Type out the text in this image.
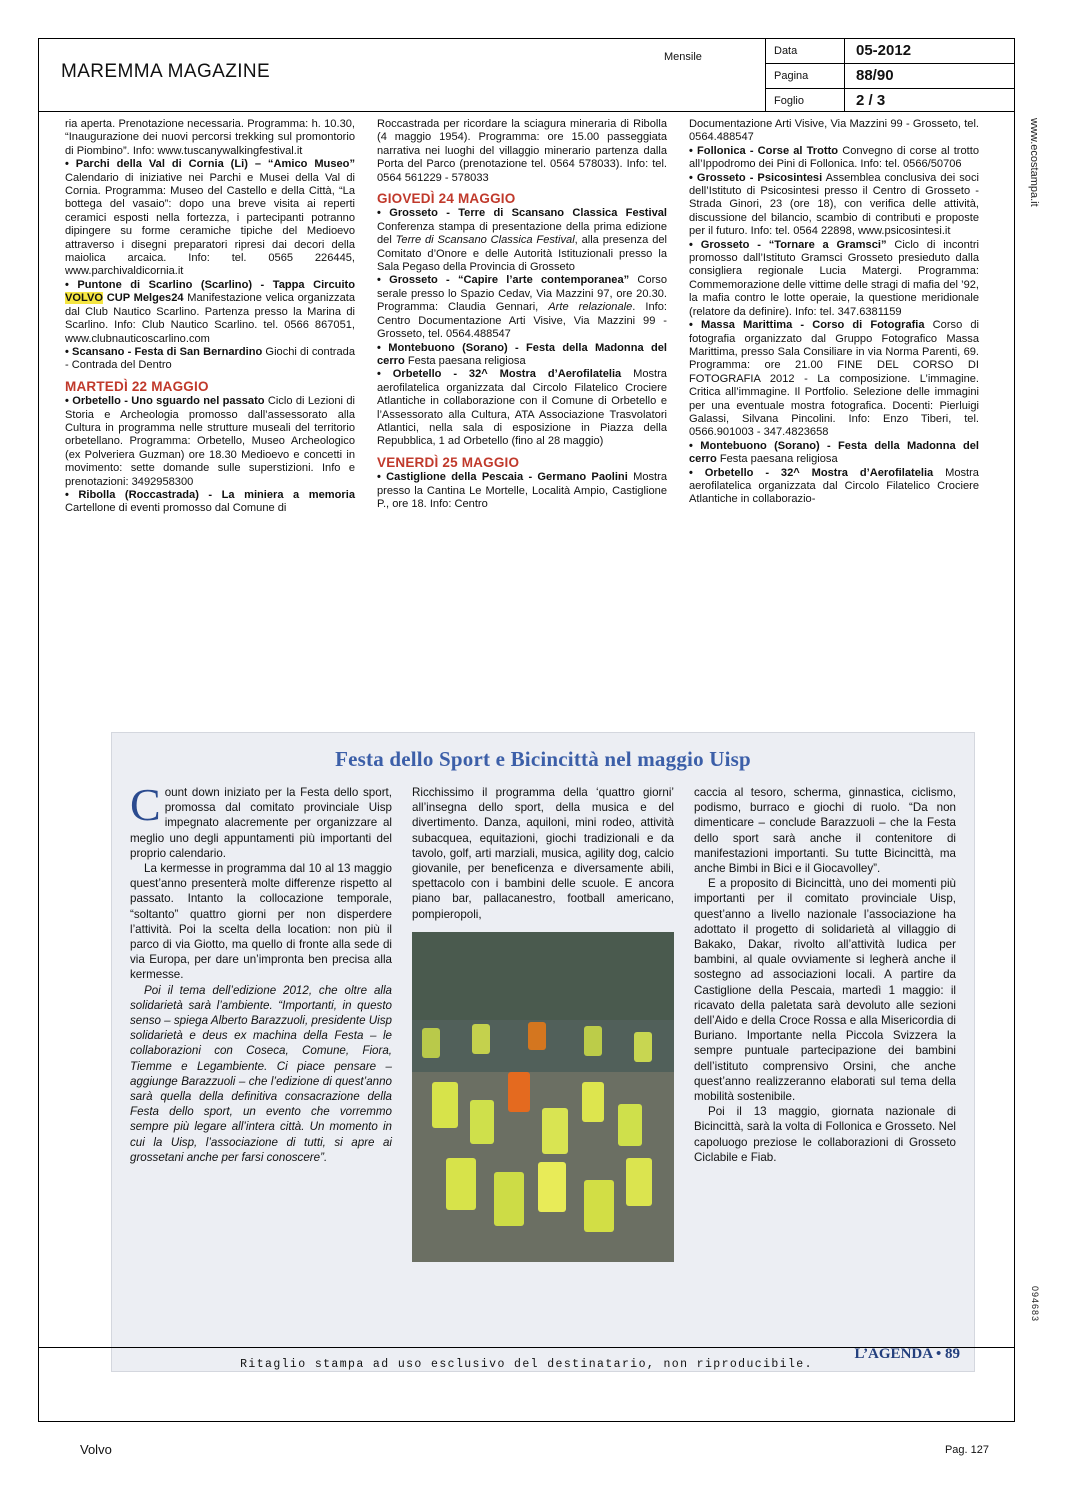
MAREMMA MAGAZINE
Mensile	Data	05-2012
Pagina	88/90
Foglio	2 / 3
www.ecostampa.it
094683

ria aperta. Prenotazione necessaria. Programma: h. 10.30, “Inaugurazione dei nuovi percorsi trekking sul promontorio di Piombino”. Info: www.tuscanywalkingfestival.it

• Parchi della Val di Cornia (Li) – “Amico Museo” Calendario di iniziative nei Parchi e Musei della Val di Cornia. Programma: Museo del Castello e della Città, “La bottega del vasaio”: dopo una breve visita ai reperti ceramici esposti nella fortezza, i partecipanti potranno dipingere su forme ceramiche tipiche del Medioevo attraverso i disegni preparatori ripresi dai decori della maiolica arcaica. Info: tel. 0565 226445, www.parchivaldicornia.it

• Puntone di Scarlino (Scarlino) - Tappa Circuito VOLVO CUP Melges24 Manifestazione velica organizzata dal Club Nautico Scarlino. Partenza presso la Marina di Scarlino. Info: Club Nautico Scarlino. tel. 0566 867051, www.clubnauticoscarlino.com

• Scansano - Festa di San Bernardino Giochi di contrada - Contrada del Dentro

MARTEDÌ 22 MAGGIO

• Orbetello - Uno sguardo nel passato Ciclo di Lezioni di Storia e Archeologia promosso dall’assessorato alla Cultura in programma nelle strutture museali del territorio orbetellano. Programma: Orbetello, Museo Archeologico (ex Polveriera Guzman) ore 18.30 Medioevo e concetti in movimento: sette domande sulle superstizioni. Info e prenotazioni: 3492958300

• Ribolla (Roccastrada) - La miniera a memoria Cartellone di eventi promosso dal Comune di

Roccastrada per ricordare la sciagura mineraria di Ribolla (4 maggio 1954). Programma: ore 15.00 passeggiata narrativa nei luoghi del villaggio minerario partenza dalla Porta del Parco (prenotazione tel. 0564 578033). Info: tel. 0564 561229 - 578033

GIOVEDÌ 24 MAGGIO

• Grosseto - Terre di Scansano Classica Festival Conferenza stampa di presentazione della prima edizione del Terre di Scansano Classica Festival, alla presenza del Comitato d’Onore e delle Autorità Istituzionali presso la Sala Pegaso della Provincia di Grosseto

• Grosseto - “Capire l’arte contemporanea” Corso serale presso lo Spazio Cedav, Via Mazzini 97, ore 20.30. Programma: Claudia Gennari, Arte relazionale. Info: Centro Documentazione Arti Visive, Via Mazzini 99 - Grosseto, tel. 0564.488547

• Montebuono (Sorano) - Festa della Madonna del cerro Festa paesana religiosa

• Orbetello - 32^ Mostra d’Aerofilatelia Mostra aerofilatelica organizzata dal Circolo Filatelico Crociere Atlantiche in collaborazione con il Comune di Orbetello e l’Assessorato alla Cultura, ATA Associazione Trasvolatori Atlantici, nella sala di esposizione in Piazza della Repubblica, 1 ad Orbetello (fino al 28 maggio)

VENERDÌ 25 MAGGIO

• Castiglione della Pescaia - Germano Paolini Mostra presso la Cantina Le Mortelle, Località Ampio, Castiglione P., ore 18. Info: Centro

Documentazione Arti Visive, Via Mazzini 99 - Grosseto, tel. 0564.488547

• Follonica - Corse al Trotto Convegno di corse al trotto all’Ippodromo dei Pini di Follonica. Info: tel. 0566/50706

• Grosseto - Psicosintesi Assemblea conclusiva dei soci dell’Istituto di Psicosintesi presso il Centro di Grosseto - Strada Ginori, 23 (ore 18), con verifica delle attività, discussione del bilancio, scambio di contributi e proposte per il futuro. Info: tel. 0564 22898, www.psicosintesi.it

• Grosseto - “Tornare a Gramsci” Ciclo di incontri promosso dall’Istituto Gramsci Grosseto presieduto dalla consigliera regionale Lucia Matergi. Programma: Commemorazione delle vittime delle stragi di mafia del ’92, la mafia contro le lotte operaie, la questione meridionale (relatore da definire). Info: tel. 347.6381159

• Massa Marittima - Corso di Fotografia Corso di fotografia organizzato dal Gruppo Fotografico Massa Marittima, presso Sala Consiliare in via Norma Parenti, 69. Programma: ore 21.00 FINE DEL CORSO DI FOTOGRAFIA 2012 - La composizione. L’immagine. Critica all’immagine. Il Portfolio. Selezione delle immagini per una eventuale mostra fotografica. Docenti: Pierluigi Galassi, Silvana Pincolini. Info: Enzo Tiberi, tel. 0566.901003 - 347.4823658

• Montebuono (Sorano) - Festa della Madonna del cerro Festa paesana religiosa

• Orbetello - 32^ Mostra d’Aerofilatelia Mostra aerofilatelica organizzata dal Circolo Filatelico Crociere Atlantiche in collaborazio-

Festa dello Sport e Bicincittà nel maggio Uisp

Count down iniziato per la Festa dello sport, promossa dal comitato provinciale Uisp impegnato alacremente per organizzare al meglio uno degli appuntamenti più importanti del proprio calendario.

La kermesse in programma dal 10 al 13 maggio quest’anno presenterà molte differenze rispetto al passato. Intanto la collocazione temporale, “soltanto” quattro giorni per non disperdere l’attività. Poi la scelta della location: non più il parco di via Giotto, ma quello di fronte alla sede di via Europa, per dare un’impronta ben precisa alla kermesse.

Poi il tema dell’edizione 2012, che oltre alla solidarietà sarà l’ambiente. “Importanti, in questo senso – spiega Alberto Barazzuoli, presidente Uisp solidarietà e deus ex machina della Festa – le collaborazioni con Coseca, Comune, Fiora, Tiemme e Legambiente. Ci piace pensare – aggiunge Barazzuoli – che l’edizione di quest’anno sarà quella della definitiva consacrazione della Festa dello sport, un evento che vorremmo sempre più legare all’intera città. Un momento in cui la Uisp, l’associazione di tutti, si apre ai grossetani anche per farsi conoscere”.

Ricchissimo il programma della ‘quattro giorni’ all’insegna dello sport, della musica e del divertimento. Danza, aquiloni, mini rodeo, attività subacquea, equitazioni, giochi tradizionali e da tavolo, golf, arti marziali, musica, agility dog, calcio giovanile, per beneficenza e diversamente abili, spettacolo con i bambini delle scuole. E ancora piano bar, pallacanestro, football americano, pompieropoli,

caccia al tesoro, scherma, ginnastica, ciclismo, podismo, burraco e giochi di ruolo. “Da non dimenticare – conclude Barazzuoli – che la Festa dello sport sarà anche il contenitore di manifestazioni importanti. Su tutte Bicincittà, ma anche Bimbi in Bici e il Giocavolley”.

E a proposito di Bicincittà, uno dei momenti più importanti per il comitato provinciale Uisp, quest’anno a livello nazionale l’associazione ha adottato il progetto di solidarietà al villaggio di Bakako, Dakar, rivolto all’attività ludica per bambini, al quale ovviamente si legherà anche il sostegno ad associazioni locali. A partire da Castiglione della Pescaia, martedì 1 maggio: il ricavato della paletata sarà devoluto alle sezioni dell’Aido e della Croce Rossa e alla Misericordia di Buriano. Importante nella Piccola Svizzera la sempre puntuale partecipazione dei bambini dell’istituto comprensivo Orsini, che anche quest’anno realizzeranno elaborati sul tema della mobilità sostenibile.

Poi il 13 maggio, giornata nazionale di Bicincittà, sarà la volta di Follonica e Grosseto. Nel capoluogo preziose le collaborazioni di Grosseto Ciclabile e Fiab.

L’AGENDA • 89
Ritaglio stampa ad uso esclusivo del destinatario, non riproducibile.
Volvo	Pag. 127
